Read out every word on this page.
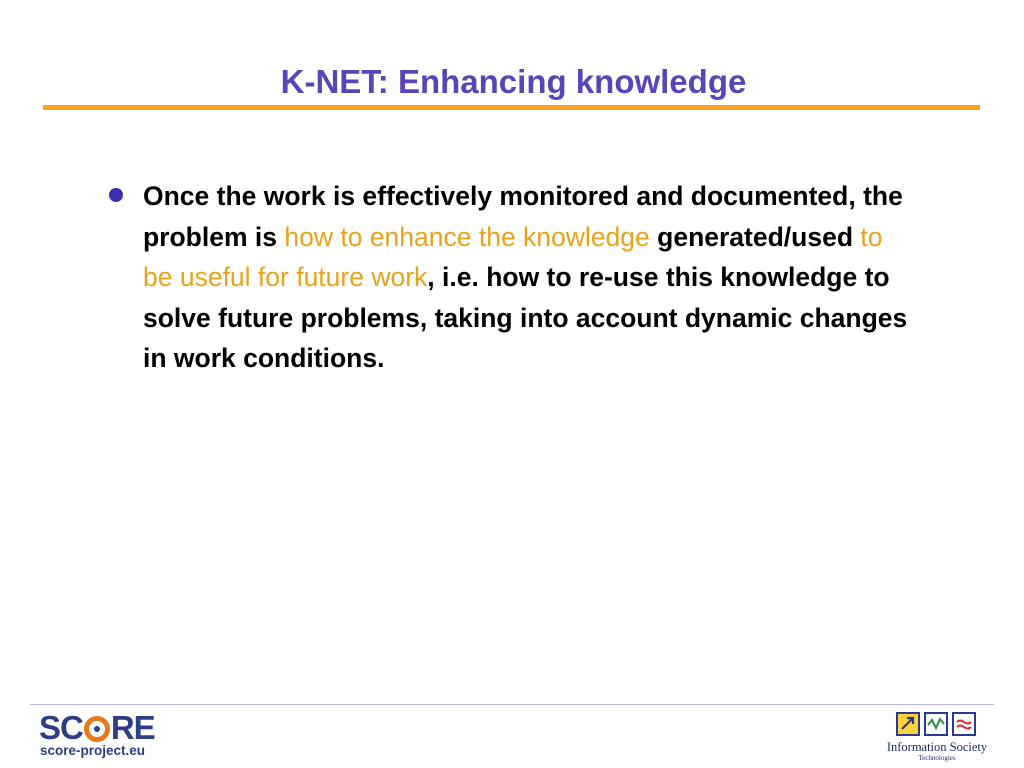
K-NET: Enhancing knowledge
Once the work is effectively monitored and documented, the problem is how to enhance the knowledge generated/used to be useful for future work, i.e. how to re-use this knowledge to solve future problems, taking into account dynamic changes in work conditions.
SC RE
score-project.eu	Information Society
Technologies
